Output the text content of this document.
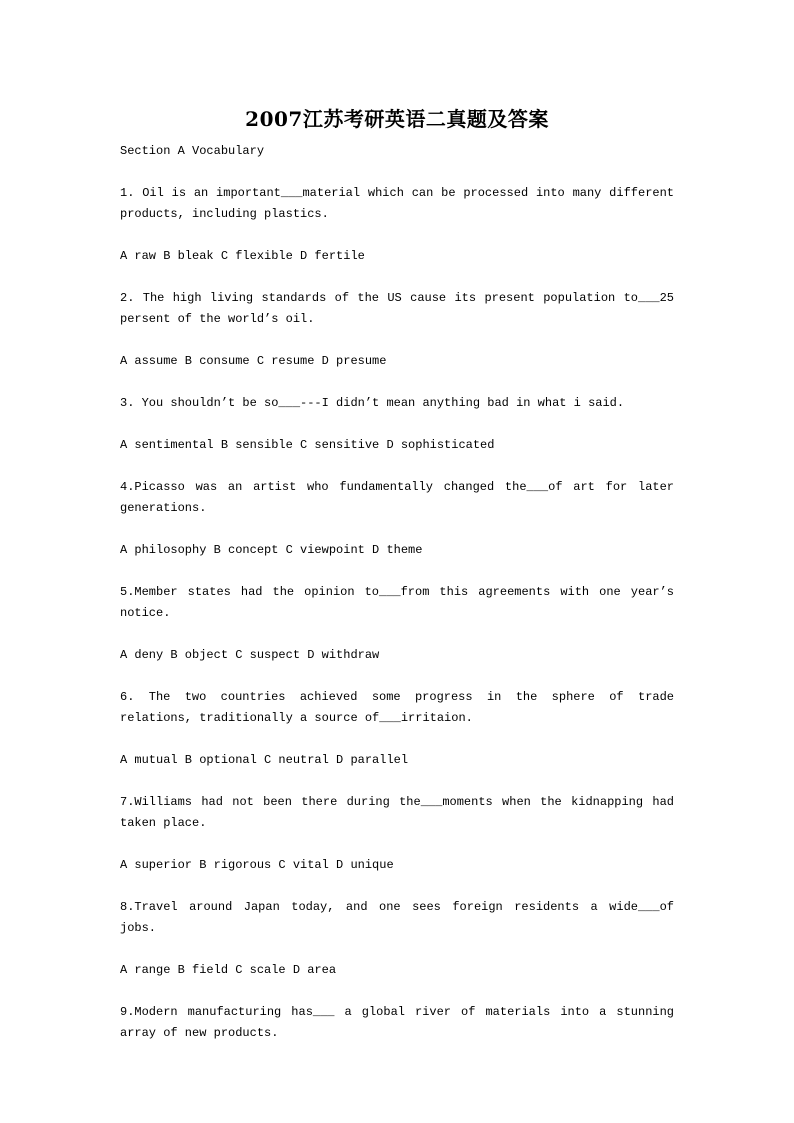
2007江苏考研英语二真题及答案

Section A Vocabulary

1. Oil is an important___material which can be processed into many different products, including plastics.

A raw B bleak C flexible D fertile

2. The high living standards of the US cause its present population to___25 persent of the world’s oil.

A assume B consume C resume D presume

3. You shouldn’t be so___---I didn’t mean anything bad in what i said.

A sentimental B sensible C sensitive D sophisticated

4.Picasso was an artist who fundamentally changed the___of art for later generations.

A philosophy B concept C viewpoint D theme

5.Member states had the opinion to___from this agreements with one year’s notice.

A deny B object C suspect D withdraw

6. The two countries achieved some progress in the sphere of trade relations, traditionally a source of___irritaion.

A mutual B optional C neutral D parallel

7.Williams had not been there during the___moments when the kidnapping had taken place.

A superior B rigorous C vital D unique

8.Travel around Japan today, and one sees foreign residents a wide___of jobs.

A range B field C scale D area

9.Modern manufacturing has___ a global river of materials into a stunning array of new products.
